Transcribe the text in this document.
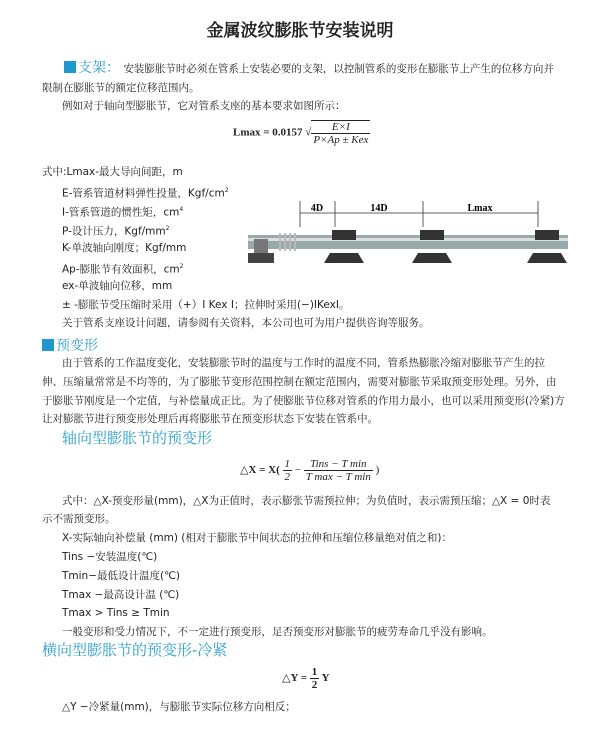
金属波纹膨胀节安装说明
支架： 安装膨胀节时必须在管系上安装必要的支架，以控制管系的变形在膨胀节上产生的位移方向并
限制在膨胀节的额定位移范围内。
例如对于轴向型膨胀节，它对管系支座的基本要求如图所示：
Lmax = 0.0157 √ $\frac{E\times I}{\text{P×Ap ± Kex}}$
式中:Lmax-最大导向间距，m
E-管系管道材料弹性投量，Kgf/$cm^2$
I-管系管道的惯性矩，$cm^4$
P-设计压力，Kgf/$mm^2$
K-单波轴向刚度；Kgf/mm
Ap-膨胀节有效面积，$cm^2$
ex-单波轴向位移，mm
± -膨胀节受压缩时采用（+）I Kex I；拉伸时采用(−)IKexI。
关于管系支座设计问题，请参阅有关资料，本公司也可为用户提供咨询等服务。
4D	14D	Lmax
预变形
由于管系的工作温度变化，安装膨胀节时的温度与工作时的温度不同，管系热膨胀冷缩对膨胀节产生的拉
伸、压缩量常常是不均等的，为了膨胀节变形范围控制在额定范围内，需要对膨胀节采取预变形处理。另外，由
于膨胀节刚度是一个定值，与补偿量成正比。为了使膨胀节位移对管系的作用力最小，也可以采用预变形(冷紧)方
让对膨胀节进行预变形处理后再将膨胀节在预变形状态下安装在管系中。
轴向型膨胀节的预变形
△X = $X( \frac{1}{2} - \frac{\text{Tins − T min}}{\text{T max − T min}}$ )
式中：△X-预变形量(mm)，△X为正值时，表示膨张节需预拉伸；为负值时，表示需预压缩；△X = 0时表
示不需预变形。
X-实际轴向补偿量 (mm) (相对于膨胀节中间状态的拉伸和压缩位移量绝对值之和)：
Tins −安装温度(℃)
Tmin−最低设计温度(℃)
Tmax −最高设计温 (℃)
Tmax > Tins ≥ Tmin
一般变形和受力情况下，不一定进行预变形，足否预变形对膨胀节的疲劳寿命几乎没有影响。
横向型膨胀节的预变形-冷紧
△Y = $\frac{1}{2}$ Y
△Y −冷紧量(mm)，与膨胀节实际位移方向相反；
